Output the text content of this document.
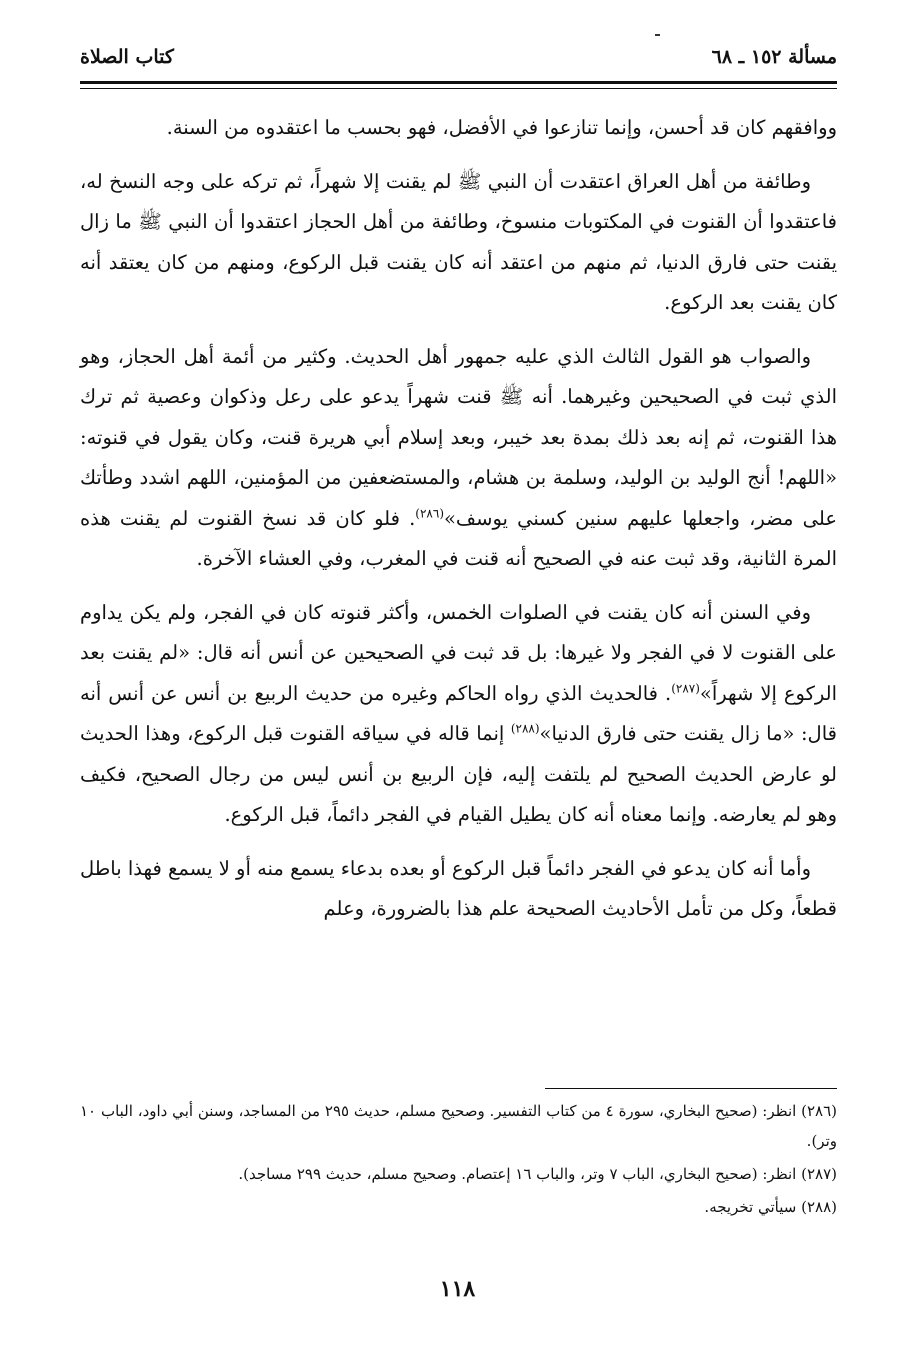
مسألة ١٥٢ ـ ٦٨
كتاب الصلاة

ووافقهم كان قد أحسن، وإنما تنازعوا في الأفضل، فهو بحسب ما اعتقدوه من السنة.

وطائفة من أهل العراق اعتقدت أن النبي ﷺ لم يقنت إلا شهراً، ثم تركه على وجه النسخ له، فاعتقدوا أن القنوت في المكتوبات منسوخ، وطائفة من أهل الحجاز اعتقدوا أن النبي ﷺ ما زال يقنت حتى فارق الدنيا، ثم منهم من اعتقد أنه كان يقنت قبل الركوع، ومنهم من كان يعتقد أنه كان يقنت بعد الركوع.

والصواب هو القول الثالث الذي عليه جمهور أهل الحديث. وكثير من أئمة أهل الحجاز، وهو الذي ثبت في الصحيحين وغيرهما. أنه ﷺ قنت شهراً يدعو على رعل وذكوان وعصية ثم ترك هذا القنوت، ثم إنه بعد ذلك بمدة بعد خيبر، وبعد إسلام أبي هريرة قنت، وكان يقول في قنوته: «اللهم! أنج الوليد بن الوليد، وسلمة بن هشام، والمستضعفين من المؤمنين، اللهم اشدد وطأتك على مضر، واجعلها عليهم سنين كسني يوسف»$^{(٢٨٦)}$. فلو كان قد نسخ القنوت لم يقنت هذه المرة الثانية، وقد ثبت عنه في الصحيح أنه قنت في المغرب، وفي العشاء الآخرة.

وفي السنن أنه كان يقنت في الصلوات الخمس، وأكثر قنوته كان في الفجر، ولم يكن يداوم على القنوت لا في الفجر ولا غيرها: بل قد ثبت في الصحيحين عن أنس أنه قال: «لم يقنت بعد الركوع إلا شهراً»$^{(٢٨٧)}$. فالحديث الذي رواه الحاكم وغيره من حديث الربيع بن أنس عن أنس أنه قال: «ما زال يقنت حتى فارق الدنيا»$^{(٢٨٨)}$ إنما قاله في سياقه القنوت قبل الركوع، وهذا الحديث لو عارض الحديث الصحيح لم يلتفت إليه، فإن الربيع بن أنس ليس من رجال الصحيح، فكيف وهو لم يعارضه. وإنما معناه أنه كان يطيل القيام في الفجر دائماً، قبل الركوع.

وأما أنه كان يدعو في الفجر دائماً قبل الركوع أو بعده بدعاء يسمع منه أو لا يسمع فهذا باطل قطعاً، وكل من تأمل الأحاديث الصحيحة علم هذا بالضرورة، وعلم

(٢٨٦) انظر: (صحيح البخاري، سورة ٤ من كتاب التفسير. وصحيح مسلم، حديث ٢٩٥ من المساجد، وسنن أبي داود، الباب ١٠ وتر).

(٢٨٧) انظر: (صحيح البخاري، الباب ٧ وتر، والباب ١٦ إعتصام. وصحيح مسلم، حديث ٢٩٩ مساجد).

(٢٨٨) سيأتي تخريجه.

١١٨
